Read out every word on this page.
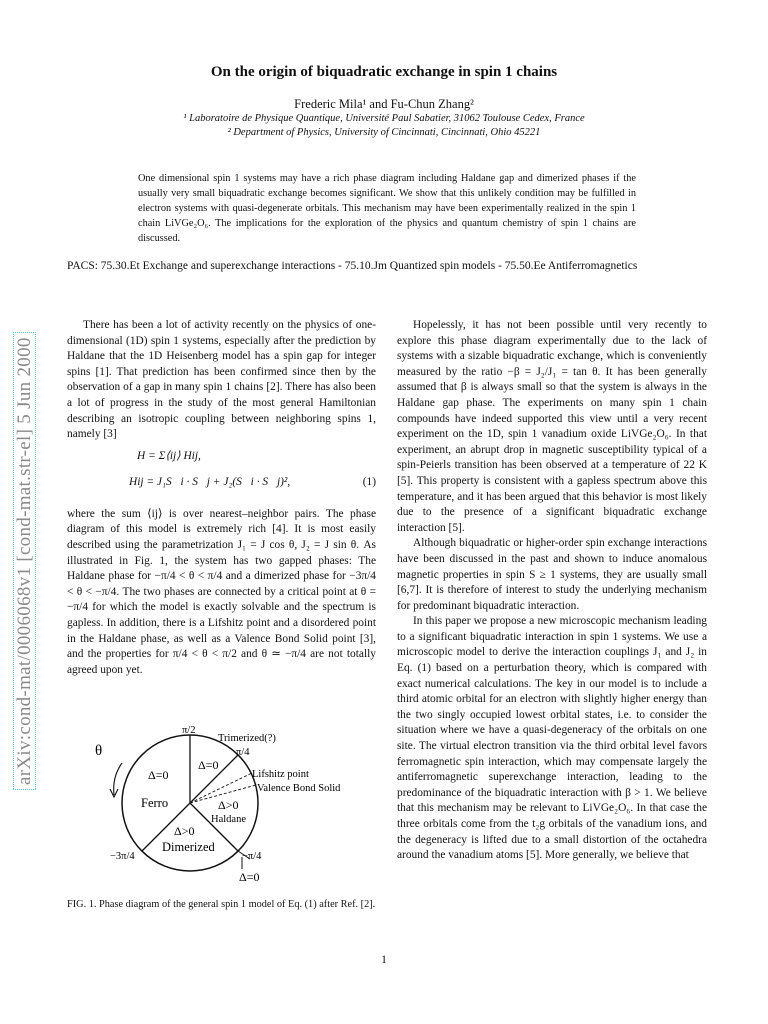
arXiv:cond-mat/0006068v1 [cond-mat.str-el] 5 Jun 2000
On the origin of biquadratic exchange in spin 1 chains
Frederic Mila¹ and Fu-Chun Zhang²
¹ Laboratoire de Physique Quantique, Université Paul Sabatier, 31062 Toulouse Cedex, France
² Department of Physics, University of Cincinnati, Cincinnati, Ohio 45221
One dimensional spin 1 systems may have a rich phase diagram including Haldane gap and dimerized phases if the usually very small biquadratic exchange becomes significant. We show that this unlikely condition may be fulfilled in electron systems with quasi-degenerate orbitals. This mechanism may have been experimentally realized in the spin 1 chain LiVGe₂O₆. The implications for the exploration of the physics and quantum chemistry of spin 1 chains are discussed.
PACS: 75.30.Et Exchange and superexchange interactions - 75.10.Jm Quantized spin models - 75.50.Ee Antiferromagnetics

There has been a lot of activity recently on the physics of one-dimensional (1D) spin 1 systems, especially after the prediction by Haldane that the 1D Heisenberg model has a spin gap for integer spins [1]. That prediction has been confirmed since then by the observation of a gap in many spin 1 chains [2]. There has also been a lot of progress in the study of the most general Hamiltonian describing an isotropic coupling between neighboring spins 1, namely [3]

H = Σ⟨ij⟩ Hij,
Hij = J₁S⃗i · S⃗j + J₂(S⃗i · S⃗j)²,	(1)

where the sum ⟨ij⟩ is over nearest–neighbor pairs. The phase diagram of this model is extremely rich [4]. It is most easily described using the parametrization J₁ = J cos θ, J₂ = J sin θ. As illustrated in Fig. 1, the system has two gapped phases: The Haldane phase for −π/4 < θ < π/4 and a dimerized phase for −3π/4 < θ < −π/4. The two phases are connected by a critical point at θ = −π/4 for which the model is exactly solvable and the spectrum is gapless. In addition, there is a Lifshitz point and a disordered point in the Haldane phase, as well as a Valence Bond Solid point [3], and the properties for π/4 < θ < π/2 and θ ≃ −π/4 are not totally agreed upon yet.

θ
π/2
Trimerized(?)
π/4
Δ=0
Δ=0
Lifshitz point
Valence Bond Solid
Ferro	Δ>0
Haldane
Δ>0
Dimerized
−3π/4	−π/4
Δ=0
FIG. 1. Phase diagram of the general spin 1 model of Eq. (1) after Ref. [2].

Hopelessly, it has not been possible until very recently to explore this phase diagram experimentally due to the lack of systems with a sizable biquadratic exchange, which is conveniently measured by the ratio −β = J₂/J₁ = tan θ. It has been generally assumed that β is always small so that the system is always in the Haldane gap phase. The experiments on many spin 1 chain compounds have indeed supported this view until a very recent experiment on the 1D, spin 1 vanadium oxide LiVGe₂O₆. In that experiment, an abrupt drop in magnetic susceptibility typical of a spin-Peierls transition has been observed at a temperature of 22 K [5]. This property is consistent with a gapless spectrum above this temperature, and it has been argued that this behavior is most likely due to the presence of a significant biquadratic exchange interaction [5].

Although biquadratic or higher-order spin exchange interactions have been discussed in the past and shown to induce anomalous magnetic properties in spin S ≥ 1 systems, they are usually small [6,7]. It is therefore of interest to study the underlying mechanism for predominant biquadratic interaction.

In this paper we propose a new microscopic mechanism leading to a significant biquadratic interaction in spin 1 systems. We use a microscopic model to derive the interaction couplings J₁ and J₂ in Eq. (1) based on a perturbation theory, which is compared with exact numerical calculations. The key in our model is to include a third atomic orbital for an electron with slightly higher energy than the two singly occupied lowest orbital states, i.e. to consider the situation where we have a quasi-degeneracy of the orbitals on one site. The virtual electron transition via the third orbital level favors ferromagnetic spin interaction, which may compensate largely the antiferromagnetic superexchange interaction, leading to the predominance of the biquadratic interaction with β > 1. We believe that this mechanism may be relevant to LiVGe₂O₆. In that case the three orbitals come from the t₂g orbitals of the vanadium ions, and the degeneracy is lifted due to a small distortion of the octahedra around the vanadium atoms [5]. More generally, we believe that

1
